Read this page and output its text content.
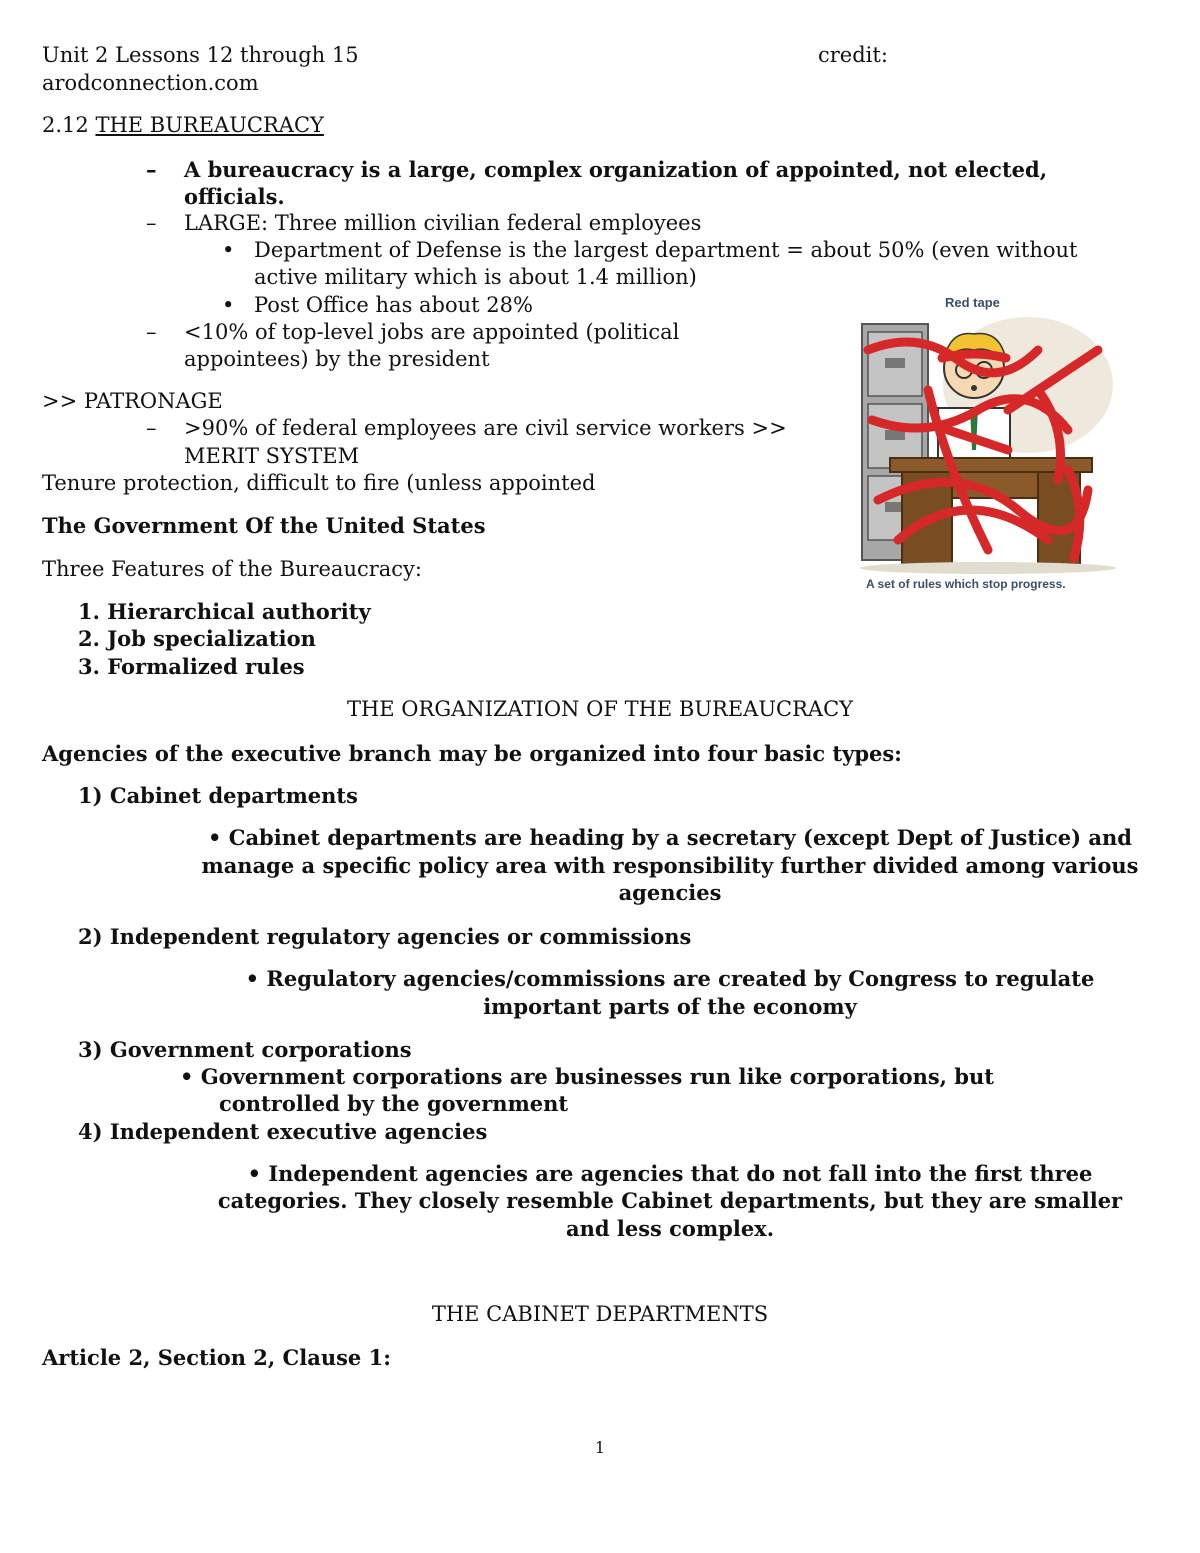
Unit 2 Lessons 12 through 15	credit:
arodconnection.com
2.12 THE BUREAUCRACY
– A bureaucracy is a large, complex organization of appointed, not elected,
officials.
– LARGE: Three million civilian federal employees
• Department of Defense is the largest department = about 50% (even without
active military which is about 1.4 million)
• Post Office has about 28%
– <10% of top-level jobs are appointed (political
appointees) by the president
>> PATRONAGE
– >90% of federal employees are civil service workers >>
MERIT SYSTEM
Tenure protection, difficult to fire (unless appointed
The Government Of the United States
Three Features of the Bureaucracy:
1. Hierarchical authority
2. Job specialization
3. Formalized rules
Red tape
A set of rules which stop progress.
THE ORGANIZATION OF THE BUREAUCRACY
Agencies of the executive branch may be organized into four basic types:
1) Cabinet departments
• Cabinet departments are heading by a secretary (except Dept of Justice) and
manage a specific policy area with responsibility further divided among various
agencies
2) Independent regulatory agencies or commissions
• Regulatory agencies/commissions are created by Congress to regulate
important parts of the economy
3) Government corporations
• Government corporations are businesses run like corporations, but
controlled by the government
4) Independent executive agencies
• Independent agencies are agencies that do not fall into the first three
categories. They closely resemble Cabinet departments, but they are smaller
and less complex.
THE CABINET DEPARTMENTS
Article 2, Section 2, Clause 1:
1
